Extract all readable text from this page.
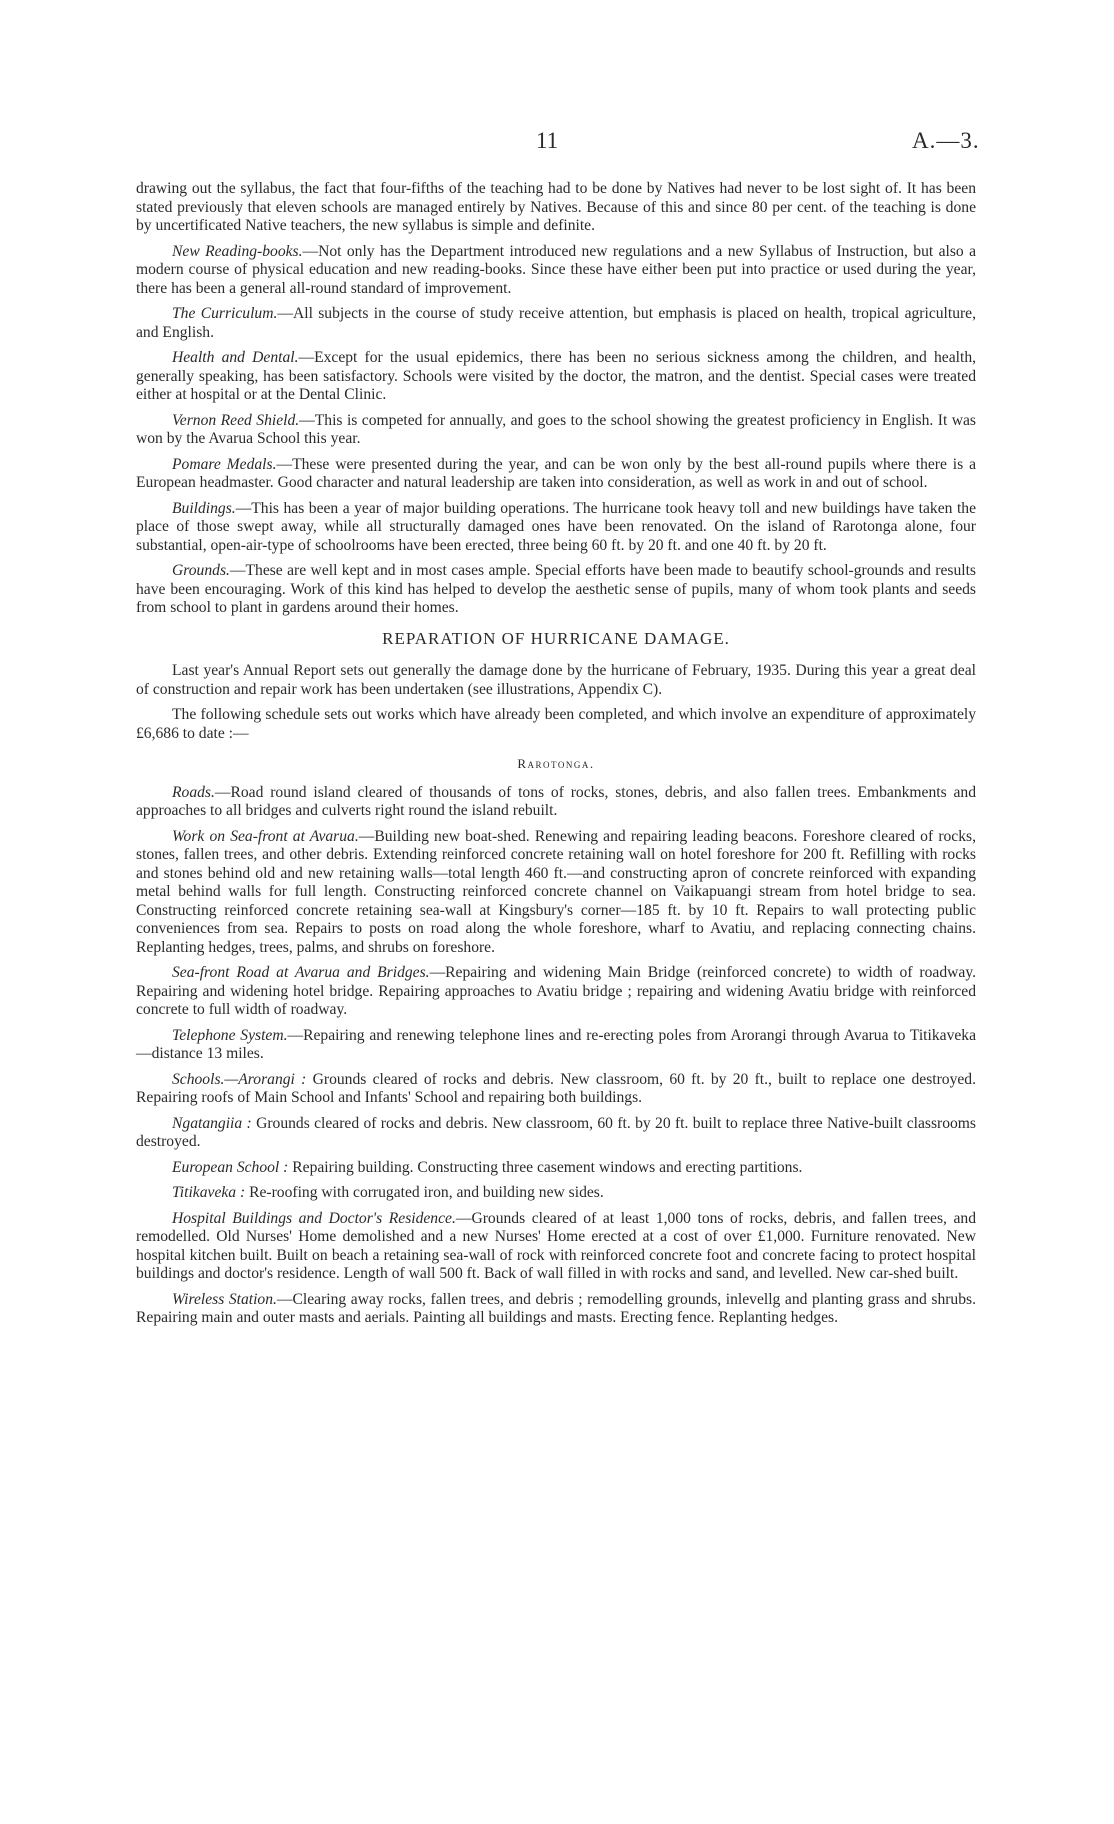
11	A.—3.

drawing out the syllabus, the fact that four-fifths of the teaching had to be done by Natives had never to be lost sight of. It has been stated previously that eleven schools are managed entirely by Natives. Because of this and since 80 per cent. of the teaching is done by uncertificated Native teachers, the new syllabus is simple and definite.

New Reading-books.—Not only has the Department introduced new regulations and a new Syllabus of Instruction, but also a modern course of physical education and new reading-books. Since these have either been put into practice or used during the year, there has been a general all-round standard of improvement.

The Curriculum.—All subjects in the course of study receive attention, but emphasis is placed on health, tropical agriculture, and English.

Health and Dental.—Except for the usual epidemics, there has been no serious sickness among the children, and health, generally speaking, has been satisfactory. Schools were visited by the doctor, the matron, and the dentist. Special cases were treated either at hospital or at the Dental Clinic.

Vernon Reed Shield.—This is competed for annually, and goes to the school showing the greatest proficiency in English. It was won by the Avarua School this year.

Pomare Medals.—These were presented during the year, and can be won only by the best all-round pupils where there is a European headmaster. Good character and natural leadership are taken into consideration, as well as work in and out of school.

Buildings.—This has been a year of major building operations. The hurricane took heavy toll and new buildings have taken the place of those swept away, while all structurally damaged ones have been renovated. On the island of Rarotonga alone, four substantial, open-air-type of schoolrooms have been erected, three being 60 ft. by 20 ft. and one 40 ft. by 20 ft.

Grounds.—These are well kept and in most cases ample. Special efforts have been made to beautify school-grounds and results have been encouraging. Work of this kind has helped to develop the aesthetic sense of pupils, many of whom took plants and seeds from school to plant in gardens around their homes.

REPARATION OF HURRICANE DAMAGE.

Last year's Annual Report sets out generally the damage done by the hurricane of February, 1935. During this year a great deal of construction and repair work has been undertaken (see illustrations, Appendix C).

The following schedule sets out works which have already been completed, and which involve an expenditure of approximately £6,686 to date :—

Rarotonga.

Roads.—Road round island cleared of thousands of tons of rocks, stones, debris, and also fallen trees. Embankments and approaches to all bridges and culverts right round the island rebuilt.

Work on Sea-front at Avarua.—Building new boat-shed. Renewing and repairing leading beacons. Foreshore cleared of rocks, stones, fallen trees, and other debris. Extending reinforced concrete retaining wall on hotel foreshore for 200 ft. Refilling with rocks and stones behind old and new retaining walls—total length 460 ft.—and constructing apron of concrete reinforced with expanding metal behind walls for full length. Constructing reinforced concrete channel on Vaikapuangi stream from hotel bridge to sea. Constructing reinforced concrete retaining sea-wall at Kingsbury's corner—185 ft. by 10 ft. Repairs to wall protecting public conveniences from sea. Repairs to posts on road along the whole foreshore, wharf to Avatiu, and replacing connecting chains. Replanting hedges, trees, palms, and shrubs on foreshore.

Sea-front Road at Avarua and Bridges.—Repairing and widening Main Bridge (reinforced concrete) to width of roadway. Repairing and widening hotel bridge. Repairing approaches to Avatiu bridge ; repairing and widening Avatiu bridge with reinforced concrete to full width of roadway.

Telephone System.—Repairing and renewing telephone lines and re-erecting poles from Arorangi through Avarua to Titikaveka—distance 13 miles.

Schools.—Arorangi : Grounds cleared of rocks and debris. New classroom, 60 ft. by 20 ft., built to replace one destroyed. Repairing roofs of Main School and Infants' School and repairing both buildings.

Ngatangiia : Grounds cleared of rocks and debris. New classroom, 60 ft. by 20 ft. built to replace three Native-built classrooms destroyed.

European School : Repairing building. Constructing three casement windows and erecting partitions.

Titikaveka : Re-roofing with corrugated iron, and building new sides.

Hospital Buildings and Doctor's Residence.—Grounds cleared of at least 1,000 tons of rocks, debris, and fallen trees, and remodelled. Old Nurses' Home demolished and a new Nurses' Home erected at a cost of over £1,000. Furniture renovated. New hospital kitchen built. Built on beach a retaining sea-wall of rock with reinforced concrete foot and concrete facing to protect hospital buildings and doctor's residence. Length of wall 500 ft. Back of wall filled in with rocks and sand, and levelled. New car-shed built.

Wireless Station.—Clearing away rocks, fallen trees, and debris ; remodelling grounds, inlevellg and planting grass and shrubs. Repairing main and outer masts and aerials. Painting all buildings and masts. Erecting fence. Replanting hedges.
